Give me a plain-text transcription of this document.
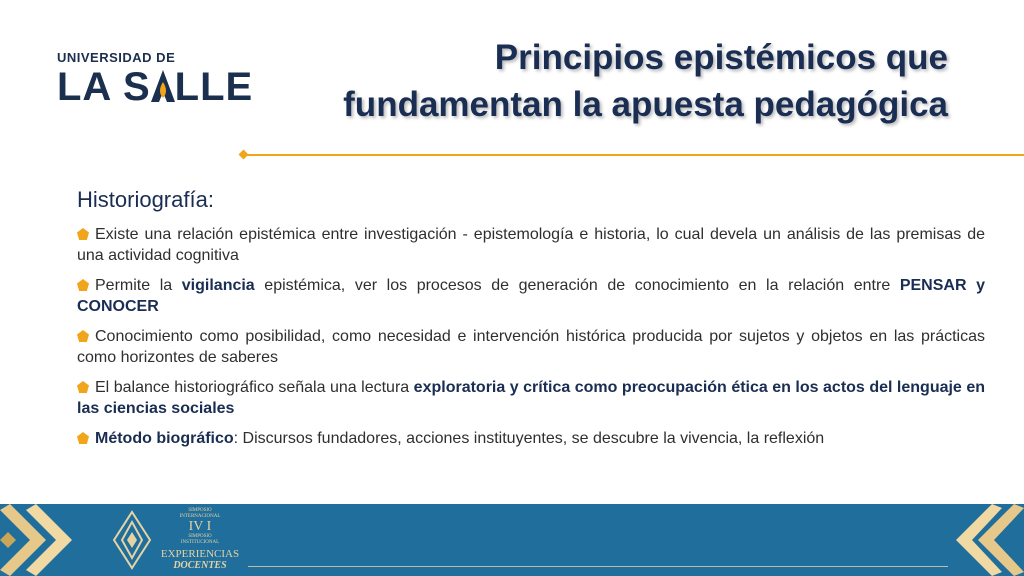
UNIVERSIDAD DE
LA S LLE
Principios epistémicos que
fundamentan la apuesta pedagógica
Historiografía:
Existe una relación epistémica entre investigación - epistemología e historia, lo cual devela un análisis de las premisas de una actividad cognitiva
Permite la vigilancia epistémica, ver los procesos de generación de conocimiento en la relación entre PENSAR y CONOCER
Conocimiento como posibilidad, como necesidad e intervención histórica producida por sujetos y objetos en las prácticas como horizontes de saberes
El balance historiográfico señala una lectura exploratoria y crítica como preocupación ética en los actos del lenguaje en las ciencias sociales
Método biográfico: Discursos fundadores, acciones instituyentes, se descubre la vivencia, la reflexión
SIMPOSIO
INTERNACIONAL
IV I
SIMPOSIO
INSTITUCIONAL
EXPERIENCIAS
DOCENTES
